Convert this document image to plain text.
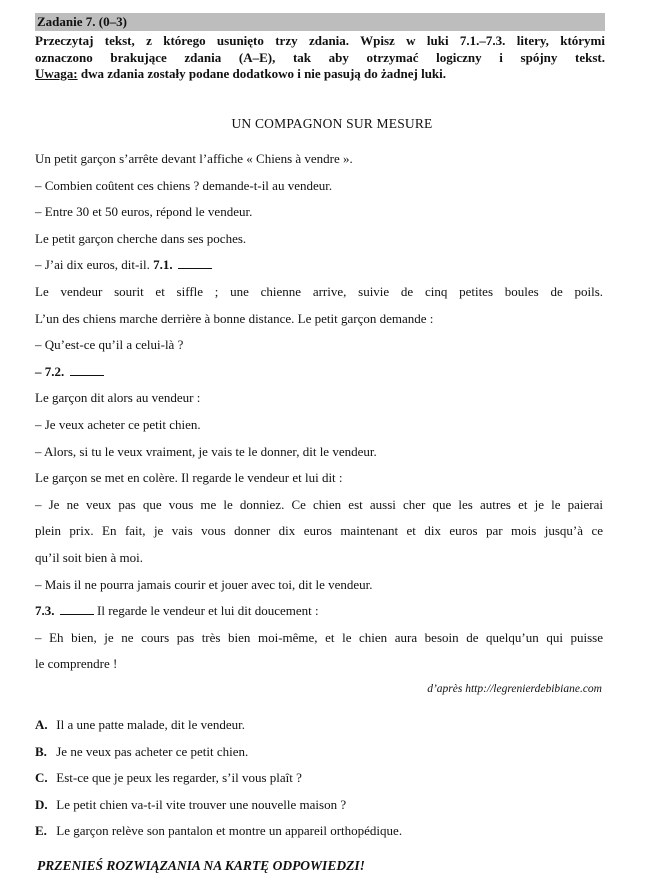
Zadanie 7. (0–3)
Przeczytaj tekst, z którego usunięto trzy zdania. Wpisz w luki 7.1.–7.3. litery, którymi
oznaczono brakujące zdania (A–E), tak aby otrzymać logiczny i spójny tekst.
Uwaga: dwa zdania zostały podane dodatkowo i nie pasują do żadnej luki.
UN COMPAGNON SUR MESURE
Un petit garçon s’arrête devant l’affiche « Chiens à vendre ».
– Combien coûtent ces chiens ? demande-t-il au vendeur.
– Entre 30 et 50 euros, répond le vendeur.
Le petit garçon cherche dans ses poches.
– J’ai dix euros, dit-il. 7.1.
Le vendeur sourit et siffle ; une chienne arrive, suivie de cinq petites boules de poils.
L’un des chiens marche derrière à bonne distance. Le petit garçon demande :
– Qu’est-ce qu’il a celui-là ?
– 7.2.
Le garçon dit alors au vendeur :
– Je veux acheter ce petit chien.
– Alors, si tu le veux vraiment, je vais te le donner, dit le vendeur.
Le garçon se met en colère. Il regarde le vendeur et lui dit :
– Je ne veux pas que vous me le donniez. Ce chien est aussi cher que les autres et je le paierai
plein prix. En fait, je vais vous donner dix euros maintenant et dix euros par mois jusqu’à ce
qu’il soit bien à moi.
– Mais il ne pourra jamais courir et jouer avec toi, dit le vendeur.
7.3.	Il regarde le vendeur et lui dit doucement :
– Eh bien, je ne cours pas très bien moi-même, et le chien aura besoin de quelqu’un qui puisse
le comprendre !
d’après http://legrenierdebibiane.com
A. Il a une patte malade, dit le vendeur.
B. Je ne veux pas acheter ce petit chien.
C. Est-ce que je peux les regarder, s’il vous plaît ?
D. Le petit chien va-t-il vite trouver une nouvelle maison ?
E. Le garçon relève son pantalon et montre un appareil orthopédique.
PRZENIEŚ ROZWIĄZANIA NA KARTĘ ODPOWIEDZI!
